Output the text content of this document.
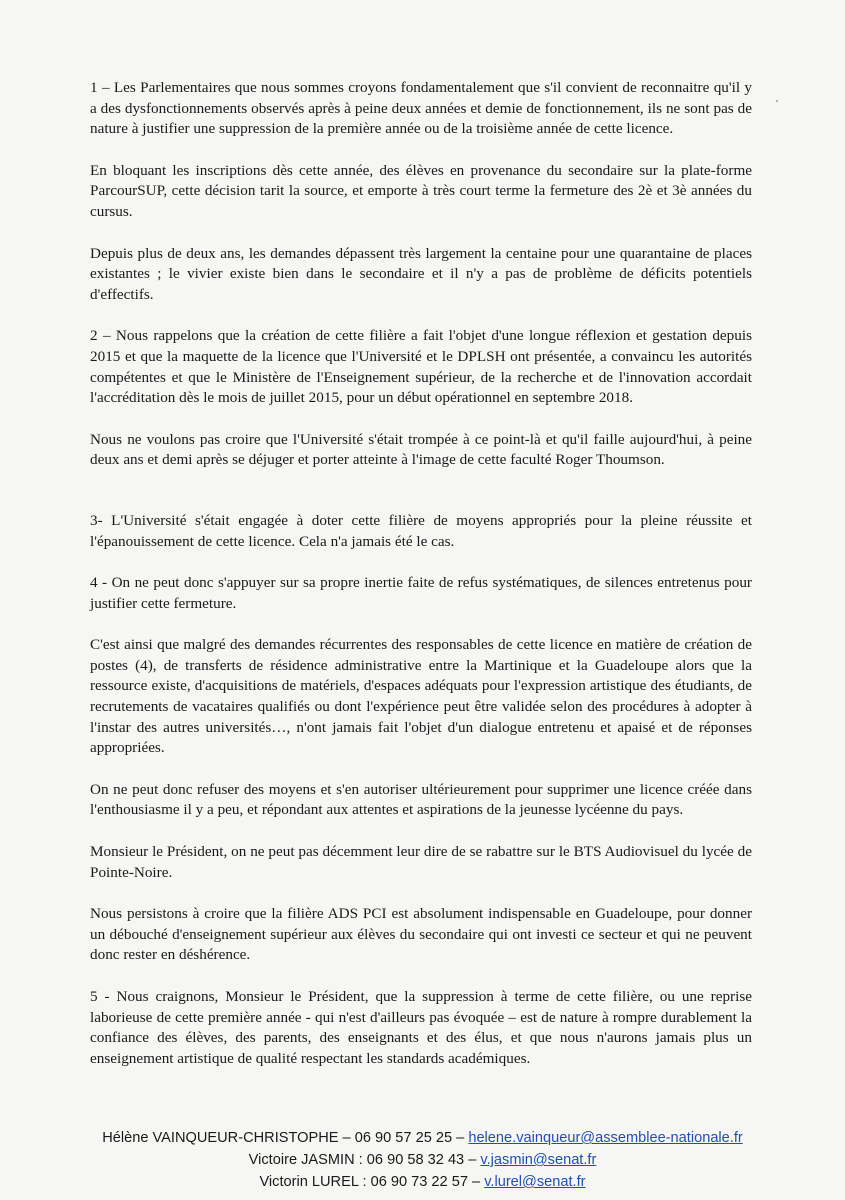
1 – Les Parlementaires que nous sommes croyons fondamentalement que s'il convient de reconnaitre qu'il y a des dysfonctionnements observés après à peine deux années et demie de fonctionnement, ils ne sont pas de nature à justifier une suppression de la première année ou de la troisième année de cette licence.

En bloquant les inscriptions dès cette année, des élèves en provenance du secondaire sur la plate-forme ParcourSUP, cette décision tarit la source, et emporte à très court terme la fermeture des 2è et 3è années du cursus.

Depuis plus de deux ans, les demandes dépassent très largement la centaine pour une quarantaine de places existantes ; le vivier existe bien dans le secondaire et il n'y a pas de problème de déficits potentiels d'effectifs.

2 – Nous rappelons que la création de cette filière a fait l'objet d'une longue réflexion et gestation depuis 2015 et que la maquette de la licence que l'Université et le DPLSH ont présentée, a convaincu les autorités compétentes et que le Ministère de l'Enseignement supérieur, de la recherche et de l'innovation accordait l'accréditation dès le mois de juillet 2015, pour un début opérationnel en septembre 2018.

Nous ne voulons pas croire que l'Université s'était trompée à ce point-là et qu'il faille aujourd'hui, à peine deux ans et demi après se déjuger et porter atteinte à l'image de cette faculté Roger Thoumson.

3- L'Université s'était engagée à doter cette filière de moyens appropriés pour la pleine réussite et l'épanouissement de cette licence. Cela n'a jamais été le cas.

4 - On ne peut donc s'appuyer sur sa propre inertie faite de refus systématiques, de silences entretenus pour justifier cette fermeture.

C'est ainsi que malgré des demandes récurrentes des responsables de cette licence en matière de création de postes (4), de transferts de résidence administrative entre la Martinique et la Guadeloupe alors que la ressource existe, d'acquisitions de matériels, d'espaces adéquats pour l'expression artistique des étudiants, de recrutements de vacataires qualifiés ou dont l'expérience peut être validée selon des procédures à adopter à l'instar des autres universités…, n'ont jamais fait l'objet d'un dialogue entretenu et apaisé et de réponses appropriées.

On ne peut donc refuser des moyens et s'en autoriser ultérieurement pour supprimer une licence créée dans l'enthousiasme il y a peu, et répondant aux attentes et aspirations de la jeunesse lycéenne du pays.

Monsieur le Président, on ne peut pas décemment leur dire de se rabattre sur le BTS Audiovisuel du lycée de Pointe-Noire.

Nous persistons à croire que la filière ADS PCI est absolument indispensable en Guadeloupe, pour donner un débouché d'enseignement supérieur aux élèves du secondaire qui ont investi ce secteur et qui ne peuvent donc rester en déshérence.

5 - Nous craignons, Monsieur le Président, que la suppression à terme de cette filière, ou une reprise laborieuse de cette première année - qui n'est d'ailleurs pas évoquée – est de nature à rompre durablement la confiance des élèves, des parents, des enseignants et des élus, et que nous n'aurons jamais plus un enseignement artistique de qualité respectant les standards académiques.

Hélène VAINQUEUR-CHRISTOPHE – 06 90 57 25 25 – helene.vainqueur@assemblee-nationale.fr
Victoire JASMIN : 06 90 58 32 43 – v.jasmin@senat.fr
Victorin LUREL : 06 90 73 22 57 – v.lurel@senat.fr
